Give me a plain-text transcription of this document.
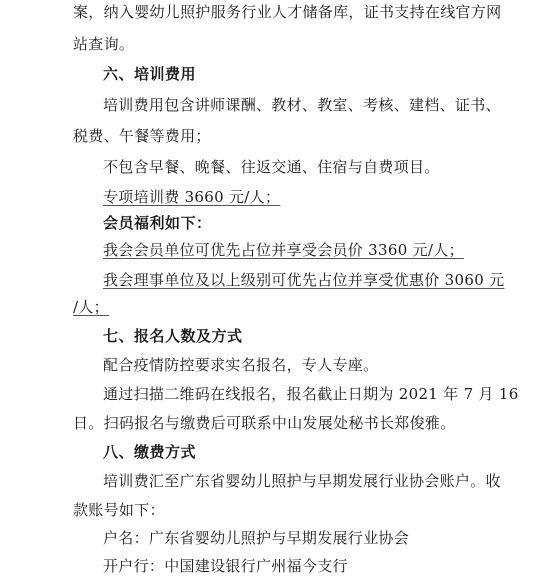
案，纳入婴幼儿照护服务行业人才储备库，证书支持在线官方网
站查询。
六、培训费用
培训费用包含讲师课酬、教材、教室、考核、建档、证书、
税费、午餐等费用；
不包含早餐、晚餐、往返交通、住宿与自费项目。
专项培训费 3660 元/人；
会员福利如下：
我会会员单位可优先占位并享受会员价 3360 元/人；
我会理事单位及以上级别可优先占位并享受优惠价 3060 元
/人；
七、报名人数及方式
配合疫情防控要求实名报名，专人专座。
通过扫描二维码在线报名，报名截止日期为 2021 年 7 月 16
日。扫码报名与缴费后可联系中山发展处秘书长郑俊雅。
八、缴费方式
培训费汇至广东省婴幼儿照护与早期发展行业协会账户。收
款账号如下：
户名：广东省婴幼儿照护与早期发展行业协会
开户行：中国建设银行广州福今支行
